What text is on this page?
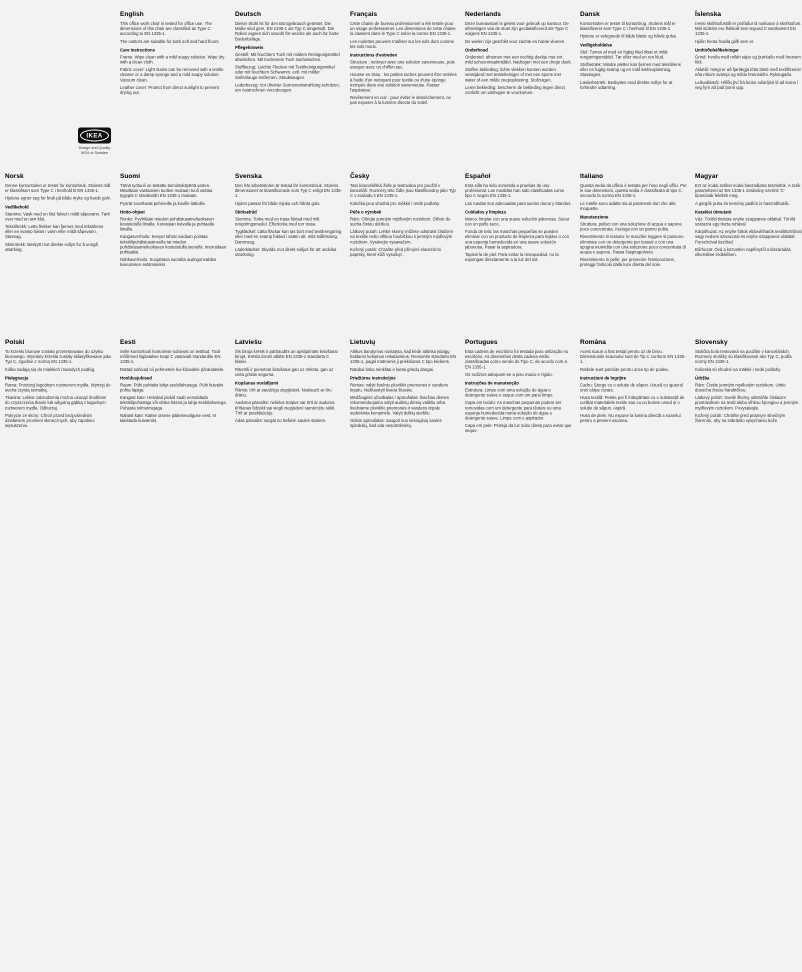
IKEA
Design and Quality
IKEA of Sweden
English

This office work chair is tested for office use. The dimensions of this chair are classified as Type C according to EN 1335-1.

The castors are suitable for both soft and hard floors.

Care instructions

Frame: Wipe clean with a mild soapy solution. Wipe dry with a clean cloth.

Fabric cover: Light stains can be removed with a textile cleaner or a damp sponge and a mild soapy solution. Vacuum clean.

Leather cover: Protect from direct sunlight to prevent drying out.

Deutsch

Dieser Stuhl ist für den Bürogebrauch getestet. Die Maße sind gem. EN 1335-1 als Typ C eingestuft. Die Rollen eignen sich sowohl für weiche als auch für harte Bodenbeläge.

Pflegehinweis

Gestell: Mit feuchtem Tuch mit mildem Reinigungsmittel abwischen. Mit trockenem Tuch nachwischen.

Stoffbezug: Leichte Flecken mit Textilreinigungsmittel oder mit feuchtem Schwamm, evtl. mit milder Seifenlauge entfernen. Staubsaugen.

Lederbezug: Vor direkter Sonneneinstrahlung schützen, um Austrocknen vorzubeugen.

Français

Cette chaise de bureau professionnel a été testée pour un usage professionnel. Les dimensions de cette chaise la classent dans le Type C selon la norme EN 1335-1.

Les roulettes peuvent s'utiliser sur les sols durs comme les sols mous.

Instructions d'entretien

Structure : nettoyer avec une solution savonneuse, puis essuyer avec un chiffon sec.

Housse en tissu : les petites taches peuvent être retirées à l'aide d'un nettoyant pour textile ou d'une éponge trempée dans une solution savonneuse. Passer l'aspirateur.

Revêtement en cuir : pour éviter le dessèchement, ne pas exposer à la lumière directe du soleil.

Nederlands

Deze bureaustoel is getest voor gebruik op kantoor. De afmetingen van de stoel zijn geclassificeerd als Type C volgens EN 1335-1.

De wielen zijn geschikt voor zachte en harde vloeren.

Onderhoud

Onderstel: afnemen met een vochtig doekje met evt. mild schoonmaakmiddel. Nadrogen met een droge doek.

Stoffen bekleding: lichte vlekken kunnen worden verwijderd met textielreiniger of met een spons met water of een milde zeepoplossing. Stofzuigen.

Leren bekleding: bescherm de bekleding tegen direct zonlicht om uitdrogen te voorkomen.

Dansk

Kontorstolen er testet til kontorbrug. Stolens mål er klassificeret som Type C i henhold til EN 1335-1.

Hjulene er velegnede til både bløde og hårde gulve.

Vedligeholdelse

Stel: Tørres af med en fugtig klud tilsat et mildt rengøringsmiddel. Tør efter med en ren klud.

Stofbetræk: Mindre pletter kan fjernes med tekstilrens eller en fugtig svamp og en mild sæbeopløsning. Støvsuges.

Læderbetræk: Beskyttes mod direkte sollys for at forhindre udtørring.

Íslenska

Þessi skrifstofustóll er prófaður til notkunar á skrifstofum. Mál stólsins eru flokkuð sem tegund C samkvæmt EN 1335-1.

Hjólin henta hvaða gólfi sem er.

Umhirðuleiðbeiningar

Grind: Þvoðu með mildri sápu og þurrkaðu með hreinum klút.

Áklæði: Hægt er að fjarlægja létta bletti með textílhreinsi eða rökum svampi og mildu hreinsiefni. Ryksugaðu.

Leðuráklæði: Hlífðu því frá beinu sólarljósi til að koma í veg fyrir að það þorni upp.

Norsk

Denne kontorstolen er testet for kontorbruk. Stolens mål er klassifisert som Type C i henhold til EN 1335-1.

Hjulene egner seg for bruk på både myke og harde gulv.

Vedlikehold

Stamme: Vask med en klut fuktet i mildt såpevann. Tørk over med en tørr klut.

Tekstiltrekk: Lette flekker kan fjernes med tekstilrens eller en svamp fuktet i vann eller mildt såpevann. Støvsug.

Skinntrekk: Beskytt mot direkte sollys for å unngå uttørking.

Suomi

Tämä työtuoli on testattu toimistokäyttöä varten. Mitoiltaan vastaavien tuolien mukaan tuoli vastaa tyyppiä C standardin EN 1335-1 mukaan.

Pyörät soveltuvat pehmeille ja koville lattioille.

Hoito-ohjeet

Runko: Pyyhitään miedon puhdistusaineliuokseen kostutetulla liinalla. Kuivataan kuivalla ja puhtaalla liinalla.

Kangasverhoilu: Kevyet tahrat voidaan poistaa tekstiilipuhdistusaineella tai miedon puhdistusaineliuokseen kostutetulla sienellä. Imuroidaan puhtaaksi.

Nahkaverhoilu: Suojattava suoralta auringonvalolta kuivumisen estämiseksi.

Svenska

Den här arbetsstolen är testad för kontorsbruk. Stolens dimensioner är klassificerade som Typ C enligt EN 1335-1.

Hjulen passar för både mjuka och hårda golv.

Skötselråd

Stomme: Torka med en trasa fuktad med milt rengöringsmedel. Eftertorka med torr trasa.

Tygklädsel: Lätta fläckar kan tas bort med textilrengöring eller med en svamp fuktad i vatten alt. mild tvållösning. Dammsug.

Läderklädsel: Skydda mot direkt solljus för att undvika uttorkning.

Česky

Tato kancelářská židle je testována pro použití v kanceláři. Rozměry této židle jsou klasifikovány jako Typ C v souladu s EN 1335-1.

Kolečka jsou vhodná pro měkké i tvrdé podlahy.

Péče o výrobek

Rám: Otírejte jemným mýdlovým roztokem. Otřete do sucha čistou utěrkou.

Látkový potah: Lehké skvrny můžete odstranit čističem na textilie nebo vlhkou houbičkou s jemným mýdlovým roztokem. Vysávejte vysavačem.

Kožený potah: Chraňte před přímými slunečními paprsky, které kůži vysušují.

Español

Esta silla ha sido sometida a pruebas de uso profesional. Las medidas han sido clasificadas como tipo C según EN 1335-1.

Las ruedas son adecuadas para suelos duros y blandos.

Cuidados y limpieza

Marco: limpiar con una suave solución jabonosa. Secar con un paño seco.

Funda de tela: las manchas pequeñas se pueden eliminar con un producto de limpieza para tejidos o con una esponja humedecida en una suave solución jabonosa. Pasar la aspiradora.

Tapicería de piel: Para evitar la resequedad, no la expongas directamente a la luz del sol.

Italiano

Questa sedia da ufficio è testata per l'uso negli uffici. Per le sue dimensioni, questa sedia è classificata di tipo C, secondo la norma EN 1335-1.

Le rotelle sono adatte sia ai pavimenti duri che alla moquette.

Manutenzione

Struttura: pulisci con una soluzione di acqua e sapone poco concentrata. Asciuga con un panno pulito.

Rivestimento in tessuto: le macchie leggere si possono eliminare con un detergente per tessuti o con una spugna inumidita con una soluzione poco concentrata di acqua e sapone. Passa l'aspirapolvere.

Rivestimento in pelle: per prevenire l'essiccazione, proteggi l'articolo dalla luce diretta del sole.

Magyar

Ezt az irodai széket irodai használatra teszteltük. A szék paraméterei az EN 1335-1 szabvány szerinti 'C' típusúnak feleltek meg.

A görgők puha és kemény padlón is használhatók.

Kezelési útmutató

Váz: Töröld tisztára enyhe szappanos oldattal. Töröld szárazra egy tiszta ruhával.

Kárpithuzat: Az enyhe foltok eltávolíthatók textiltisztítóval vagy nedves szivaccsal és enyhe szappanos oldattal. Porszívóval tisztítsd.

Bőrhuzat: Óvd a közvetlen napfénytől a kiszáradás elkerülése érdekében.

Polski

To krzesło biurowe zostało przetestowane do użytku biurowego. Wymiary krzesła zostały sklasyfikowane jako Typ C, zgodnie z normą EN 1335-1.

Kółka nadają się do miękkich i twardych podłóg.

Pielęgnacja

Rama: Przetrzyj łagodnym roztworem mydła. Wytrzyj do sucha czystą szmatką.

Tkanina: Lekkie zabrudzenia można usunąć środkiem do czyszczenia tkanin lub wilgotną gąbką z łagodnym roztworem mydła. Odkurzaj.

Pokrycie ze skóry: Chroń przed bezpośrednim działaniem promieni słonecznych, aby zapobiec wysuszeniu.

Eesti

Selle kontoritooli kontorisse sobivust on testitud. Tooli mõõtmed liigitatakse tüüpi C vastavalt standardile EN 1335-1.

Rattad sobivad nii pehmetele kui kõvadele põrandatele.

Hooldusjuhised

Raam: Pühi puhtaks lahja seebilahusega. Pühi kuivaks puhta lapiga.

Kangast kate: Heledad plekid saab eemaldada tekstiilipuhastaja või niiske käsna ja lahja seebilahusega. Puhasta tolmuimejaga.

Nahast kate: Kaitse otsese päikesevalguse eest, et takistada kuivamist.

Latviešu

Šis biroja krēsls ir pārbaudīts un apstiprināts lietošanai birojā. Krēsla izmēri atbilst EN 1335-1 standarta C klasei.

Ritenīši ir piemēroti lietošanai gan uz mīksta, gan uz cieta grīdas seguma.

Kopšanas norādījumi

Rāmis: tīrīt ar saudzīgu ziepjūdeni. Noslaucīt ar tīru drānu.

Auduma pārvalks: nelielus traipus var tīrīt ar auduma tīrīšanas līdzekli vai viegli ziepjūdenī samērcētu sūkli. Tīrīt ar putekļsūcēju.

Ādas pārvalks: sargāt no tiešiem saules stariem.

Lietuvių

Atlikus bandymus nustatyta, kad kėdė atitinka įstaigų baldams keliamus reikalavimus. Remiantis standartu EN 1335-1, pagal matmenis ji priskiriama C tipo kėdėms.

Ratukai tinka minkštai ir kietai grindų dangai.

Priežiūros instrukcijos

Rėmas: valyti švelniu ploviklio priemonės ir vandens tirpalu. Nušluostyti švaria šluoste.

Medžiaginis užvalkalas / apmušalas: šviežias dėmes rekomenduojama valyti audinių dėmių valikliu arba švelniame ploviklio priemonės ir vandens tirpale sudrėkinta kempinėle. Valyti dulkių siurbliu.

Odinis apmušalas: saugoti nuo tiesioginių saulės spindulių, kad oda nesutrūkinėtų.

Portugues

Esta cadeira de escritório foi testada para utilização no escritório. As dimensões desta cadeira estão classificadas como sendo do Tipo C, de acordo com a EN 1335-1.

Os rodízios adequam-se a piso macio e rígido.

Instruções de manutenção

Estrutura: Limpe com uma solução de água e detergente suave e seque com um pano limpo.

Capa em tecido: As manchas pequenas podem ser removidas com um detergente para têxteis ou uma esponja humedecida numa solução de água e detergente suave. Limpe com o aspirador.

Capa em pele: Proteja da luz solar direta para evitar que seque.

Româna

Acest scaun a fost testat pentru uz de birou. Dimensiunile scaunului sunt de Tip C conform EN 1335-1.

Rotilele sunt potrivite pentru orice tip de podea.

Instrucțiuni de îngrijire

Cadru: Șterge cu o soluție de săpun. Usucă cu ajutorul unei cârpe curate.

Husa textilă: Petele pot fi îndepărtate cu o substanță de curățat materialele textile sau cu un burete umed și o soluție de săpun. Aspiră.

Husa de piele: Nu expune la lumina directă a soarelui pentru a preveni uscarea.

Slovensky

Stolička bola testovaná na použitie v kanceláriách. Rozmery stoličky sú klasifikované ako Typ C, podľa normy EN 1335-1.

Kolieska sú vhodné na mäkké i tvrdé podlahy.

Údržba

Rám: Čistite jemným mydlovým roztokom. Utrite dosucha čistou handričkou.

Látkový poťah: Svetlé škvrny odstráňte čistiacim prostriedkom na textil alebo vlhkou špongiou a jemným mydlovým roztokom. Povysávajte.

Kožený poťah: Chráňte pred priamym slnečným žiarením, aby sa zabránilo vysychaniu kože.
